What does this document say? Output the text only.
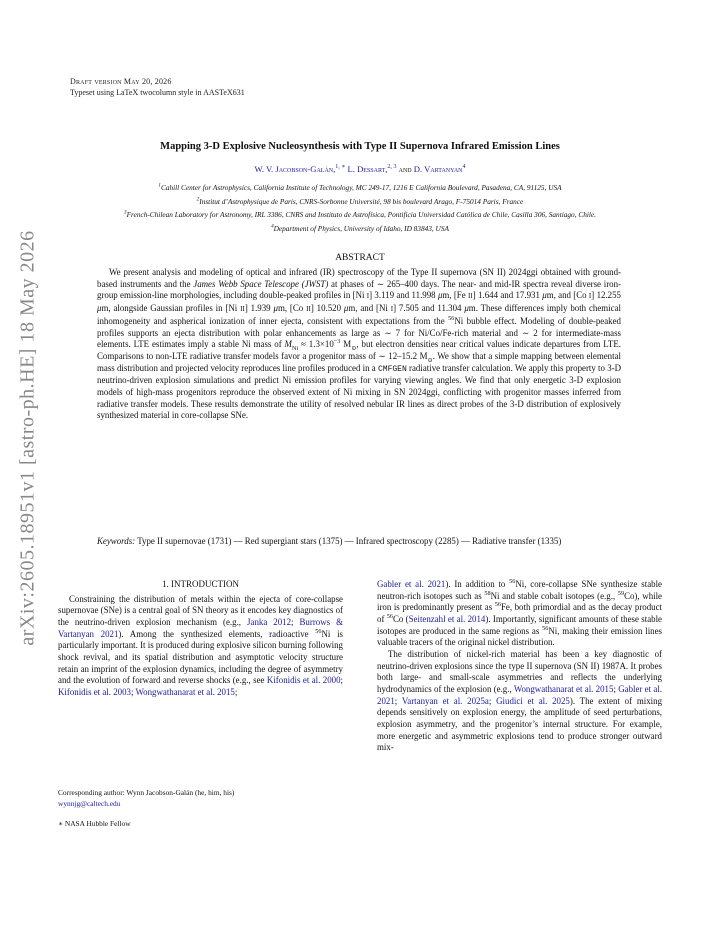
Draft version May 20, 2026
Typeset using LaTeX twocolumn style in AASTeX631
arXiv:2605.18951v1 [astro-ph.HE] 18 May 2026
Mapping 3-D Explosive Nucleosynthesis with Type II Supernova Infrared Emission Lines
W. V. Jacobson-Galán,$^{1, ∗}$ L. Dessart,$^{2, 3}$ and D. Vartanyan$^4$
$^1$Cahill Center for Astrophysics, California Institute of Technology, MC 249-17, 1216 E California Boulevard, Pasadena, CA, 91125, USA
$^2$Institut d’Astrophysique de Paris, CNRS-Sorbonne Université, 98 bis boulevard Arago, F-75014 Paris, France
$^3$French-Chilean Laboratory for Astronomy, IRL 3386, CNRS and Instituto de Astrofísica, Pontificia Universidad Católica de Chile, Casilla 306, Santiago, Chile.
$^4$Department of Physics, University of Idaho, ID 83843, USA
ABSTRACT
We present analysis and modeling of optical and infrared (IR) spectroscopy of the Type II supernova (SN II) 2024ggi obtained with ground-based instruments and the James Webb Space Telescope (JWST) at phases of ∼ 265–400 days. The near- and mid-IR spectra reveal diverse iron-group emission-line morphologies, including double-peaked profiles in [Ni I] 3.119 and 11.998 μm, [Fe II] 1.644 and 17.931 μm, and [Co I] 12.255 μm, alongside Gaussian profiles in [Ni II] 1.939 μm, [Co II] 10.520 μm, and [Ni I] 7.505 and 11.304 μm. These differences imply both chemical inhomogeneity and aspherical ionization of inner ejecta, consistent with expectations from the $^{56}$Ni bubble effect. Modeling of double-peaked profiles supports an ejecta distribution with polar enhancements as large as ∼ 7 for Ni/Co/Fe-rich material and ∼ 2 for intermediate-mass elements. LTE estimates imply a stable Ni mass of $M_{Ni} \approx 1.3\times 10^{-3}$ $M_⊙$, but electron densities near critical values indicate departures from LTE. Comparisons to non-LTE radiative transfer models favor a progenitor mass of ∼ 12–15.2 $M_⊙$. We show that a simple mapping between elemental mass distribution and projected velocity reproduces line profiles produced in a CMFGEN radiative transfer calculation. We apply this property to 3-D neutrino-driven explosion simulations and predict Ni emission profiles for varying viewing angles. We find that only energetic 3-D explosion models of high-mass progenitors reproduce the observed extent of Ni mixing in SN 2024ggi, conflicting with progenitor masses inferred from radiative transfer models. These results demonstrate the utility of resolved nebular IR lines as direct probes of the 3-D distribution of explosively synthesized material in core-collapse SNe.
Keywords: Type II supernovae (1731) — Red supergiant stars (1375) — Infrared spectroscopy (2285) — Radiative transfer (1335)
1. INTRODUCTION

Constraining the distribution of metals within the ejecta of core-collapse supernovae (SNe) is a central goal of SN theory as it encodes key diagnostics of the neutrino-driven explosion mechanism (e.g., Janka 2012; Burrows & Vartanyan 2021). Among the synthesized elements, radioactive $^{56}$Ni is particularly important. It is produced during explosive silicon burning following shock revival, and its spatial distribution and asymptotic velocity structure retain an imprint of the explosion dynamics, including the degree of asymmetry and the evolution of forward and reverse shocks (e.g., see Kifonidis et al. 2000; Kifonidis et al. 2003; Wongwathanarat et al. 2015;

Corresponding author: Wynn Jacobson-Galán (he, him, his)
wynnjg@caltech.edu
∗ NASA Hubble Fellow

Gabler et al. 2021). In addition to $^{56}$Ni, core-collapse SNe synthesize stable neutron-rich isotopes such as $^{58}$Ni and stable cobalt isotopes (e.g., $^{59}$Co), while iron is predominantly present as $^{56}$Fe, both primordial and as the decay product of $^{56}$Co (Seitenzahl et al. 2014). Importantly, significant amounts of these stable isotopes are produced in the same regions as $^{56}$Ni, making their emission lines valuable tracers of the original nickel distribution.

The distribution of nickel-rich material has been a key diagnostic of neutrino-driven explosions since the type II supernova (SN II) 1987A. It probes both large- and small-scale asymmetries and reflects the underlying hydrodynamics of the explosion (e.g., Wongwathanarat et al. 2015; Gabler et al. 2021; Vartanyan et al. 2025a; Giudici et al. 2025). The extent of mixing depends sensitively on explosion energy, the amplitude of seed perturbations, explosion asymmetry, and the progenitor’s internal structure. For example, more energetic and asymmetric explosions tend to produce stronger outward mix-
